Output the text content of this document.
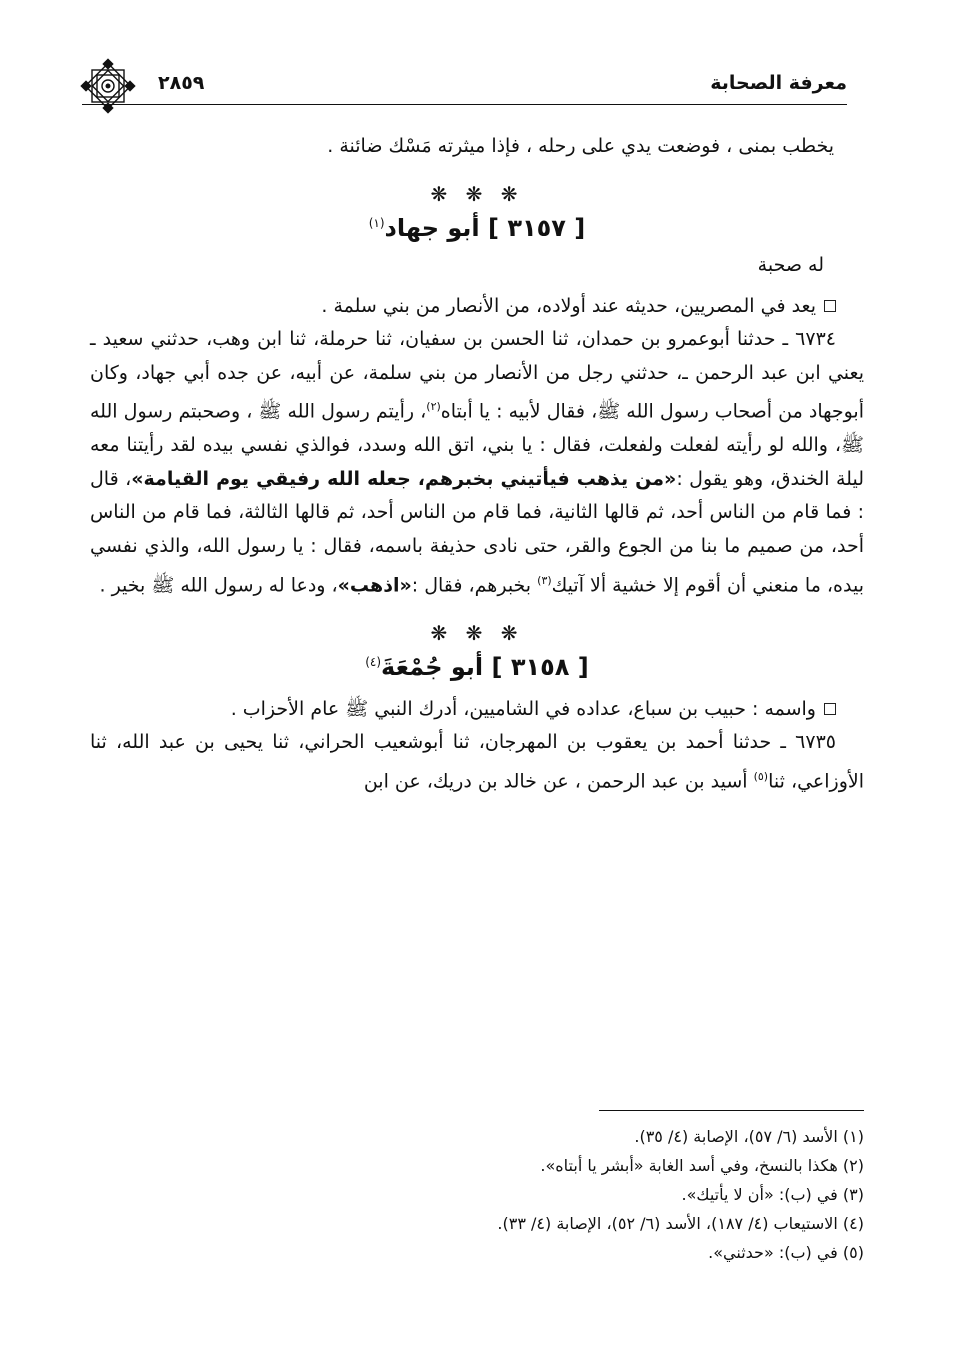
معرفة الصحابة
٢٨٥٩

يخطب بمنى ، فوضعت يدي على رحله ، فإذا ميثرته مَسْك ضائنة .

❋ ❋ ❋
[ ٣١٥٧ ] أبو جهاد$^{(١)}$
له صحبة

يعد في المصريين، حديثه عند أولاده، من الأنصار من بني سلمة .

٦٧٣٤ ـ حدثنا أبوعمرو بن حمدان، ثنا الحسن بن سفيان، ثنا حرملة، ثنا ابن وهب، حدثني سعيد ـ يعني ابن عبد الرحمن ـ، حدثني رجل من الأنصار من بني سلمة، عن أبيه، عن جده أبي جهاد، وكان أبوجهاد من أصحاب رسول الله ﷺ، فقال لأبيه : يا أبتاه$^{(٢)}$، رأيتم رسول الله ﷺ ، وصحبتم رسول الله ﷺ، والله لو رأيته لفعلت ولفعلت، فقال : يا بني، اتق الله وسدد، فوالذي نفسي بيده لقد رأيتنا معه ليلة الخندق، وهو يقول :«من يذهب فيأتيني بخبرهم، جعله الله رفيقي يوم القيامة»، قال : فما قام من الناس أحد، ثم قالها الثانية، فما قام من الناس أحد، ثم قالها الثالثة، فما قام من الناس أحد، من صميم ما بنا من الجوع والقر، حتى نادى حذيفة باسمه، فقال : يا رسول الله، والذي نفسي بيده، ما منعني أن أقوم إلا خشية ألا آتيك$^{(٣)}$ بخبرهم، فقال :«اذهب»، ودعا له رسول الله ﷺ بخير .

❋ ❋ ❋
[ ٣١٥٨ ] أبو جُمْعَةَ$^{(٤)}$

واسمه : حبيب بن سباع، عداده في الشاميين، أدرك النبي ﷺ عام الأحزاب .

٦٧٣٥ ـ حدثنا أحمد بن يعقوب بن المهرجان، ثنا أبوشعيب الحراني، ثنا يحيى بن عبد الله، ثنا الأوزاعي، ثنا$^{(٥)}$ أسيد بن عبد الرحمن ، عن خالد بن دريك، عن ابن

(١) الأسد (٦/ ٥٧)، الإصابة (٤/ ٣٥).
(٢) هكذا بالنسخ، وفي أسد الغابة «أبشر يا أبتاه».
(٣) في (ب): «أن لا يأتيك».
(٤) الاستيعاب (٤/ ١٨٧)، الأسد (٦/ ٥٢)، الإصابة (٤/ ٣٣).
(٥) في (ب): «حدثني».
